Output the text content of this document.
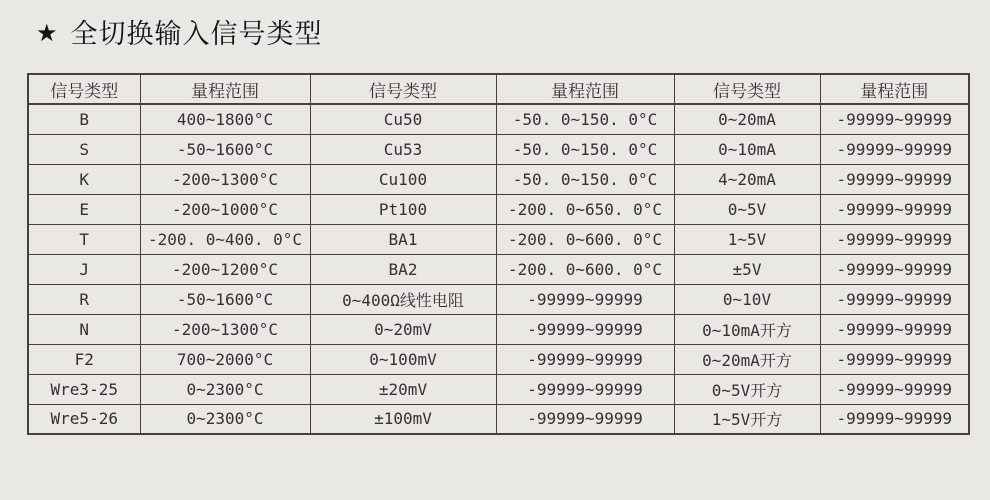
★ 全切换输入信号类型
信号类型	量程范围	信号类型	量程范围	信号类型	量程范围
B	400~1800°C	Cu50	-50. 0~150. 0°C	0~20mA	-99999~99999
S	-50~1600°C	Cu53	-50. 0~150. 0°C	0~10mA	-99999~99999
K	-200~1300°C	Cu100	-50. 0~150. 0°C	4~20mA	-99999~99999
E	-200~1000°C	Pt100	-200. 0~650. 0°C	0~5V	-99999~99999
T	-200. 0~400. 0°C	BA1	-200. 0~600. 0°C	1~5V	-99999~99999
J	-200~1200°C	BA2	-200. 0~600. 0°C	±5V	-99999~99999
R	-50~1600°C	0~400Ω线性电阻	-99999~99999	0~10V	-99999~99999
N	-200~1300°C	0~20mV	-99999~99999	0~10mA开方	-99999~99999
F2	700~2000°C	0~100mV	-99999~99999	0~20mA开方	-99999~99999
Wre3-25	0~2300°C	±20mV	-99999~99999	0~5V开方	-99999~99999
Wre5-26	0~2300°C	±100mV	-99999~99999	1~5V开方	-99999~99999
